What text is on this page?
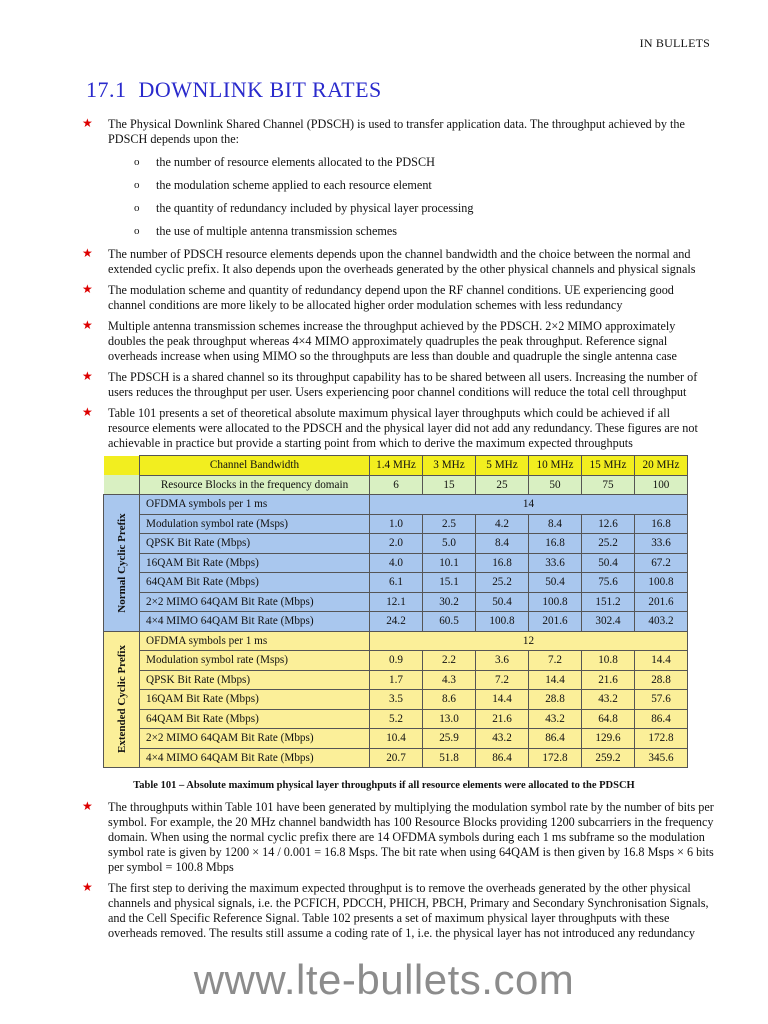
IN BULLETS
17.1 DOWNLINK BIT RATES
★ The Physical Downlink Shared Channel (PDSCH) is used to transfer application data. The throughput achieved by the PDSCH depends upon the:
o the number of resource elements allocated to the PDSCH
o the modulation scheme applied to each resource element
o the quantity of redundancy included by physical layer processing
o the use of multiple antenna transmission schemes
★ The number of PDSCH resource elements depends upon the channel bandwidth and the choice between the normal and extended cyclic prefix. It also depends upon the overheads generated by the other physical channels and physical signals
★ The modulation scheme and quantity of redundancy depend upon the RF channel conditions. UE experiencing good channel conditions are more likely to be allocated higher order modulation schemes with less redundancy
★ Multiple antenna transmission schemes increase the throughput achieved by the PDSCH. 2×2 MIMO approximately doubles the peak throughput whereas 4×4 MIMO approximately quadruples the peak throughput. Reference signal overheads increase when using MIMO so the throughputs are less than double and quadruple the single antenna case
★ The PDSCH is a shared channel so its throughput capability has to be shared between all users. Increasing the number of users reduces the throughput per user. Users experiencing poor channel conditions will reduce the total cell throughput
★ Table 101 presents a set of theoretical absolute maximum physical layer throughputs which could be achieved if all resource elements were allocated to the PDSCH and the physical layer did not add any redundancy. These figures are not achievable in practice but provide a starting point from which to derive the maximum expected throughputs
	Channel Bandwidth	1.4 MHz	3 MHz	5 MHz	10 MHz	15 MHz	20 MHz
	Resource Blocks in the frequency domain	6	15	25	50	75	100

Normal Cyclic Prefix	OFDMA symbols per 1 ms	14					
	Modulation symbol rate (Msps)	1.0	2.5	4.2	8.4	12.6	16.8
	QPSK Bit Rate (Mbps)	2.0	5.0	8.4	16.8	25.2	33.6
	16QAM Bit Rate (Mbps)	4.0	10.1	16.8	33.6	50.4	67.2
	64QAM Bit Rate (Mbps)	6.1	15.1	25.2	50.4	75.6	100.8
	2×2 MIMO 64QAM Bit Rate (Mbps)	12.1	30.2	50.4	100.8	151.2	201.6
	4×4 MIMO 64QAM Bit Rate (Mbps)	24.2	60.5	100.8	201.6	302.4	403.2

Extended Cyclic Prefix	OFDMA symbols per 1 ms	12					
	Modulation symbol rate (Msps)	0.9	2.2	3.6	7.2	10.8	14.4
	QPSK Bit Rate (Mbps)	1.7	4.3	7.2	14.4	21.6	28.8
	16QAM Bit Rate (Mbps)	3.5	8.6	14.4	28.8	43.2	57.6
	64QAM Bit Rate (Mbps)	5.2	13.0	21.6	43.2	64.8	86.4
	2×2 MIMO 64QAM Bit Rate (Mbps)	10.4	25.9	43.2	86.4	129.6	172.8
	4×4 MIMO 64QAM Bit Rate (Mbps)	20.7	51.8	86.4	172.8	259.2	345.6
Table 101 – Absolute maximum physical layer throughputs if all resource elements were allocated to the PDSCH
★ The throughputs within Table 101 have been generated by multiplying the modulation symbol rate by the number of bits per symbol. For example, the 20 MHz channel bandwidth has 100 Resource Blocks providing 1200 subcarriers in the frequency domain. When using the normal cyclic prefix there are 14 OFDMA symbols during each 1 ms subframe so the modulation symbol rate is given by 1200 × 14 / 0.001 = 16.8 Msps. The bit rate when using 64QAM is then given by 16.8 Msps × 6 bits per symbol = 100.8 Mbps
★ The first step to deriving the maximum expected throughput is to remove the overheads generated by the other physical channels and physical signals, i.e. the PCFICH, PDCCH, PHICH, PBCH, Primary and Secondary Synchronisation Signals, and the Cell Specific Reference Signal. Table 102 presents a set of maximum physical layer throughputs with these overheads removed. The results still assume a coding rate of 1, i.e. the physical layer has not introduced any redundancy
www.lte-bullets.com
